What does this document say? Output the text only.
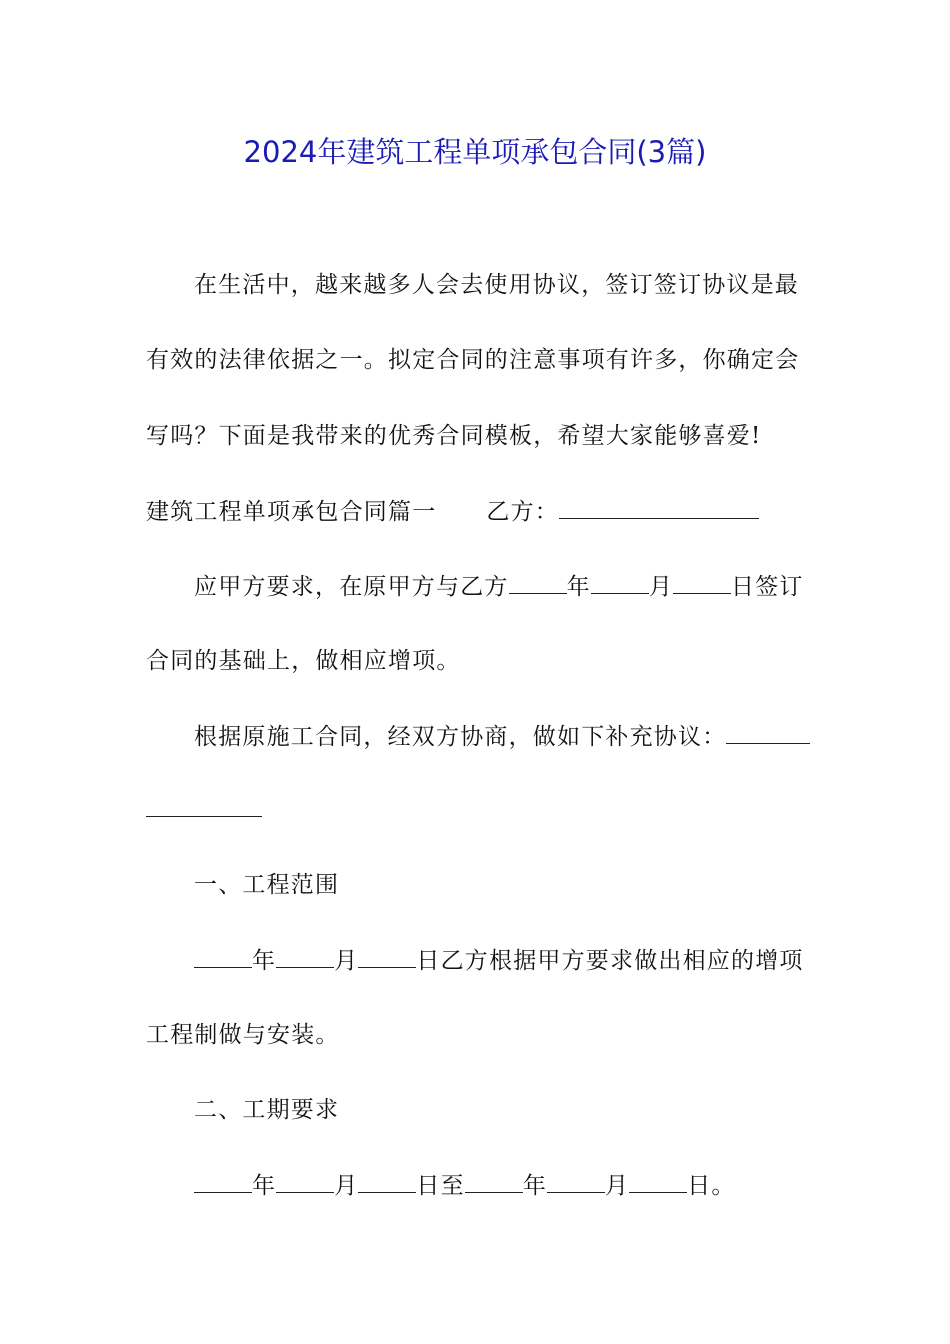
2024年建筑工程单项承包合同(3篇)
在生活中，越来越多人会去使用协议，签订签订协议是最
有效的法律依据之一。拟定合同的注意事项有许多，你确定会
写吗？下面是我带来的优秀合同模板，希望大家能够喜爱!
建筑工程单项承包合同篇一 乙方：
应甲方要求，在原甲方与乙方	年	月	日签订
合同的基础上，做相应增项。
根据原施工合同，经双方协商，做如下补充协议：
一、工程范围
年	月	日乙方根据甲方要求做出相应的增项
工程制做与安装。
二、工期要求
年	月	日至	年	月	日。
